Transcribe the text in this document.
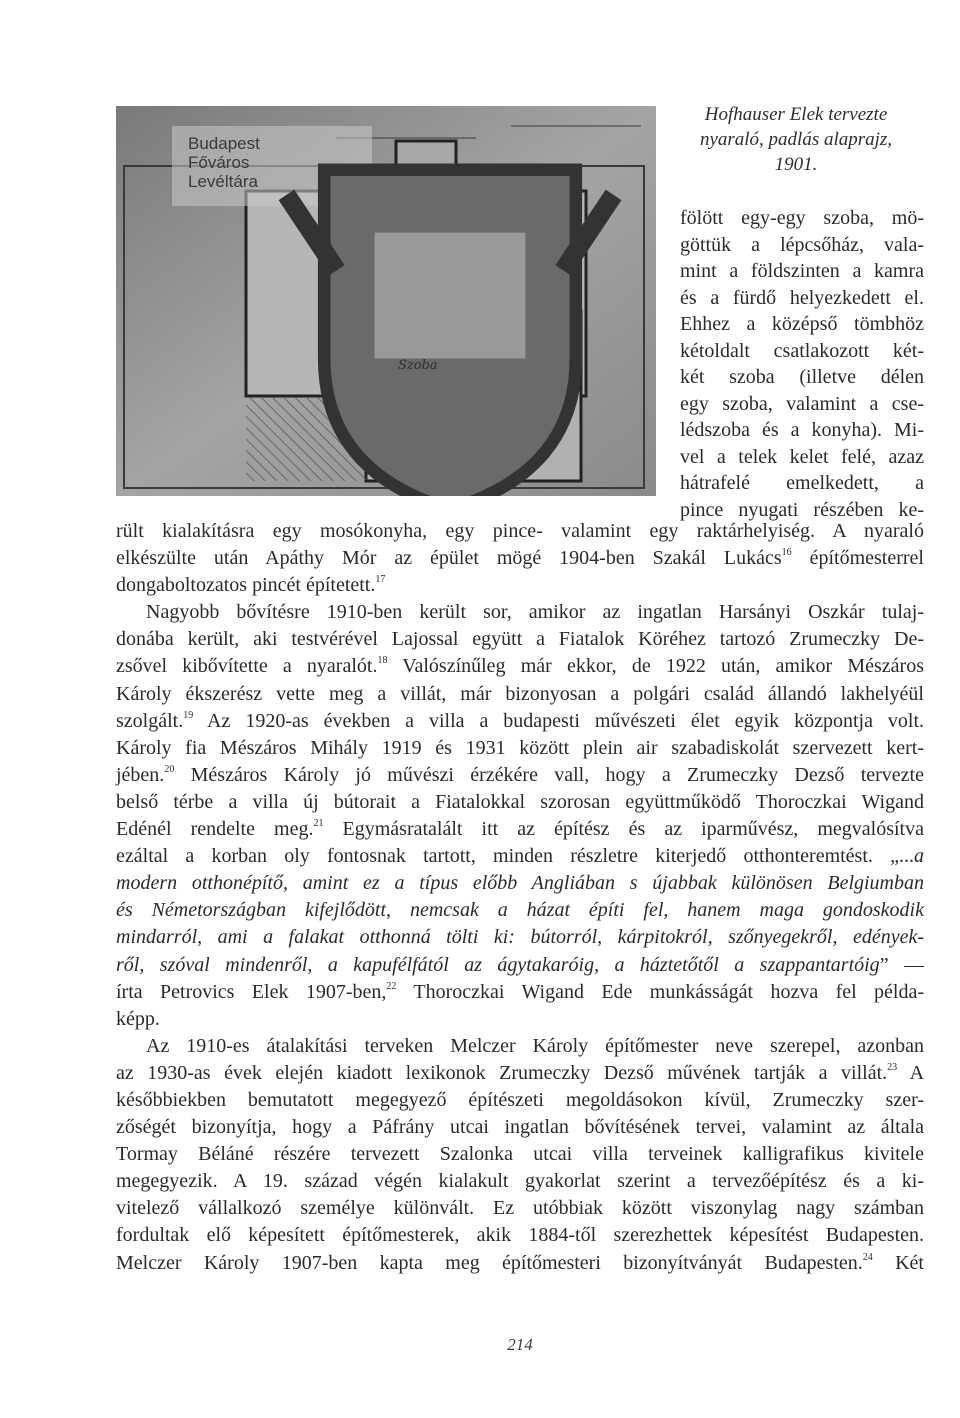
Budapest
Főváros
Levéltára
Szoba
Hofhauser Elek tervezte
nyaraló, padlás alaprajz,
1901.
fölött egy-egy szoba, mö-
göttük a lépcsőház, vala-
mint a földszinten a kamra
és a fürdő helyezkedett el.
Ehhez a középső tömbhöz
kétoldalt csatlakozott két-
két szoba (illetve délen
egy szoba, valamint a cse-
lédszoba és a konyha). Mi-
vel a telek kelet felé, azaz
hátrafelé emelkedett, a
pince nyugati részében ke-
rült kialakításra egy mosókonyha, egy pince- valamint egy raktárhelyiség. A nyaraló
elkészülte után Apáthy Mór az épület mögé 1904-ben Szakál Lukács$^{16}$ építőmesterrel
dongaboltozatos pincét építetett.$^{17}$
Nagyobb bővítésre 1910-ben került sor, amikor az ingatlan Harsányi Oszkár tulaj-
donába került, aki testvérével Lajossal együtt a Fiatalok Köréhez tartozó Zrumeczky De-
zsővel kibővítette a nyaralót.$^{18}$ Valószínűleg már ekkor, de 1922 után, amikor Mészáros
Károly ékszerész vette meg a villát, már bizonyosan a polgári család állandó lakhelyéül
szolgált.$^{19}$ Az 1920-as években a villa a budapesti művészeti élet egyik központja volt.
Károly fia Mészáros Mihály 1919 és 1931 között plein air szabadiskolát szervezett kert-
jében.$^{20}$ Mészáros Károly jó művészi érzékére vall, hogy a Zrumeczky Dezső tervezte
belső térbe a villa új bútorait a Fiatalokkal szorosan együttműködő Thoroczkai Wigand
Edénél rendelte meg.$^{21}$ Egymásratalált itt az építész és az iparművész, megvalósítva
ezáltal a korban oly fontosnak tartott, minden részletre kiterjedő otthonteremtést. „...a
modern otthonépítő, amint ez a típus előbb Angliában s újabbak különösen Belgiumban
és Németországban kifejlődött, nemcsak a házat építi fel, hanem maga gondoskodik
mindarról, ami a falakat otthonná tölti ki: bútorról, kárpitokról, szőnyegekről, edények-
ről, szóval mindenről, a kapufélfától az ágytakaróig, a háztetőtől a szappantartóig” —
írta Petrovics Elek 1907-ben,$^{22}$ Thoroczkai Wigand Ede munkásságát hozva fel példa-
képp.
Az 1910-es átalakítási terveken Melczer Károly építőmester neve szerepel, azonban
az 1930-as évek elején kiadott lexikonok Zrumeczky Dezső művének tartják a villát.$^{23}$ A
későbbiekben bemutatott megegyező építészeti megoldásokon kívül, Zrumeczky szer-
zőségét bizonyítja, hogy a Páfrány utcai ingatlan bővítésének tervei, valamint az általa
Tormay Béláné részére tervezett Szalonka utcai villa terveinek kalligrafikus kivitele
megegyezik. A 19. század végén kialakult gyakorlat szerint a tervezőépítész és a ki-
vitelező vállalkozó személye különvált. Ez utóbbiak között viszonylag nagy számban
fordultak elő képesített építőmesterek, akik 1884-től szerezhettek képesítést Budapesten.
Melczer Károly 1907-ben kapta meg építőmesteri bizonyítványát Budapesten.$^{24}$ Két
214
